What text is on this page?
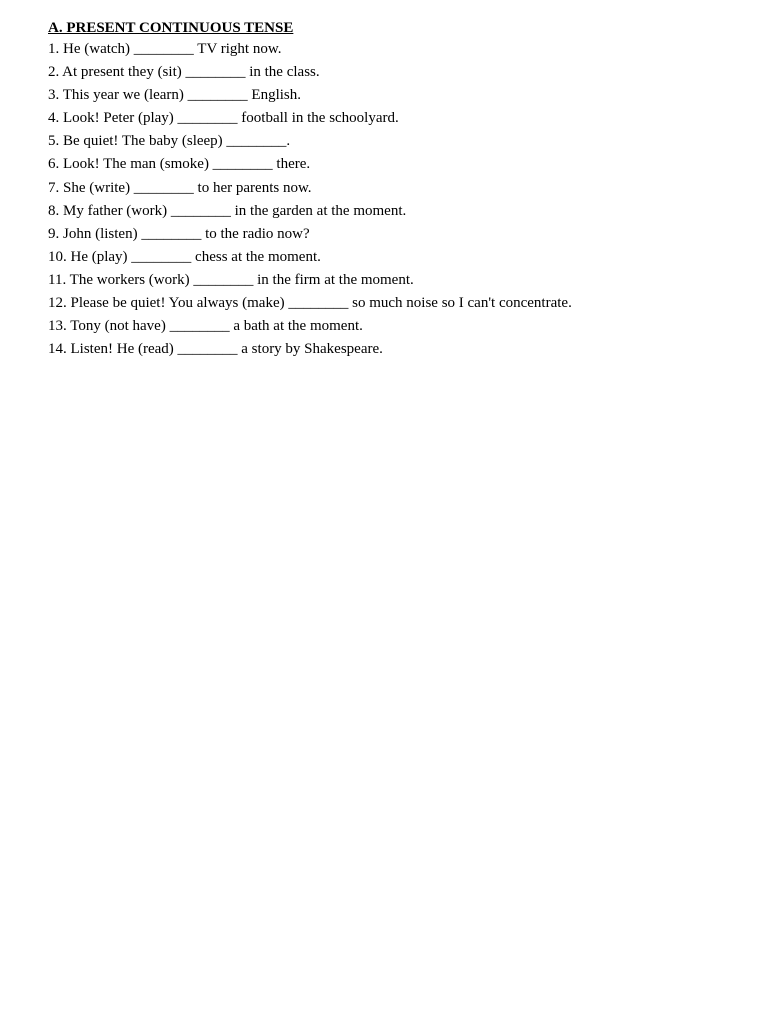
A. PRESENT CONTINUOUS TENSE
1. He (watch) ________ TV right now.
2. At present they (sit) ________ in the class.
3. This year we (learn) ________ English.
4. Look! Peter (play) ________ football in the schoolyard.
5. Be quiet! The baby (sleep) ________.
6. Look! The man (smoke) ________ there.
7. She (write) ________ to her parents now.
8. My father (work) ________ in the garden at the moment.
9. John (listen) ________ to the radio now?
10. He (play) ________ chess at the moment.
11. The workers (work) ________ in the firm at the moment.
12. Please be quiet! You always (make) ________ so much noise so I can't concentrate.
13. Tony (not have) ________ a bath at the moment.
14. Listen! He (read) ________ a story by Shakespeare.
